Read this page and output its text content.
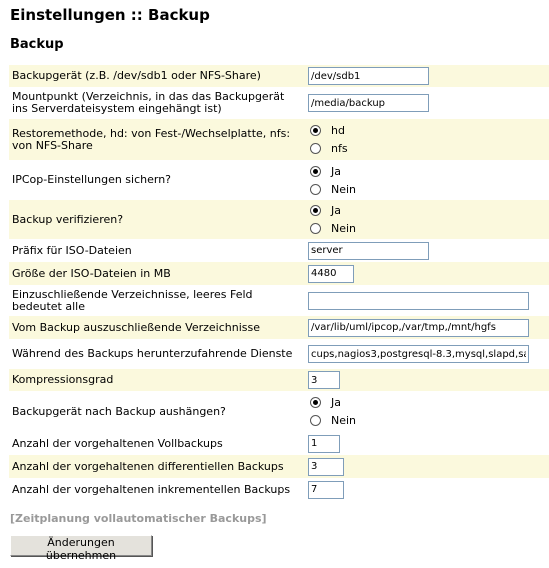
Einstellungen :: Backup
Backup
Backupgerät (z.B. /dev/sdb1 oder NFS-Share)	/dev/sdb1
Mountpunkt (Verzeichnis, in das das Backupgerät ins Serverdateisystem eingehängt ist)	/media/backup
Restoremethode, hd: von Fest-/Wechselplatte, nfs: von NFS-Share	hd
nfs

IPCop-Einstellungen sichern?	Ja
Nein

Backup verifizieren?	Ja
Nein

Präfix für ISO-Dateien	server
Größe der ISO-Dateien in MB	4480
Einzuschließende Verzeichnisse, leeres Feld bedeutet alle	
Vom Backup auszuschließende Verzeichnisse	/var/lib/uml/ipcop,/var/tmp,/mnt/hgfs
Während des Backups herunterzufahrende Dienste	cups,nagios3,postgresql-8.3,mysql,slapd,samba
Kompressionsgrad	3
Backupgerät nach Backup aushängen?	Ja
Nein

Anzahl der vorgehaltenen Vollbackups	1
Anzahl der vorgehaltenen differentiellen Backups	3
Anzahl der vorgehaltenen inkrementellen Backups	7
[Zeitplanung vollautomatischer Backups]
Änderungen übernehmen
